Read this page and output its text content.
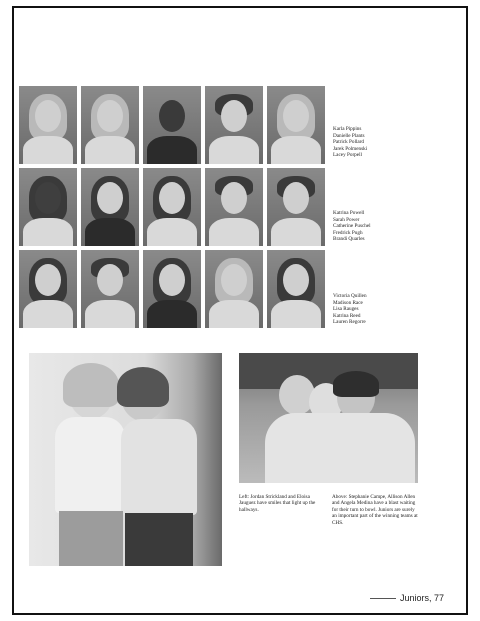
Karla Pippins
Danielle Plants
Patrick Pollard
Jarek Polmenski
Lacey Porpell
Katrina Powell
Sarah Power
Catherine Puschel
Fredrick Pugh
Brandi Quarles
Victoria Quillen
Madison Race
Lisa Rauges
Katrina Reed
Lauren Regorre
Left: Jordan Strickland and Eloisa Jauguez have smiles that light up the hallways.
Above: Stephanie Campe, Allison Allen and Angela Medina have a blast waiting for their turn to bowl. Juniors are surely an important part of the winning teams at CHS.
Juniors, 77
